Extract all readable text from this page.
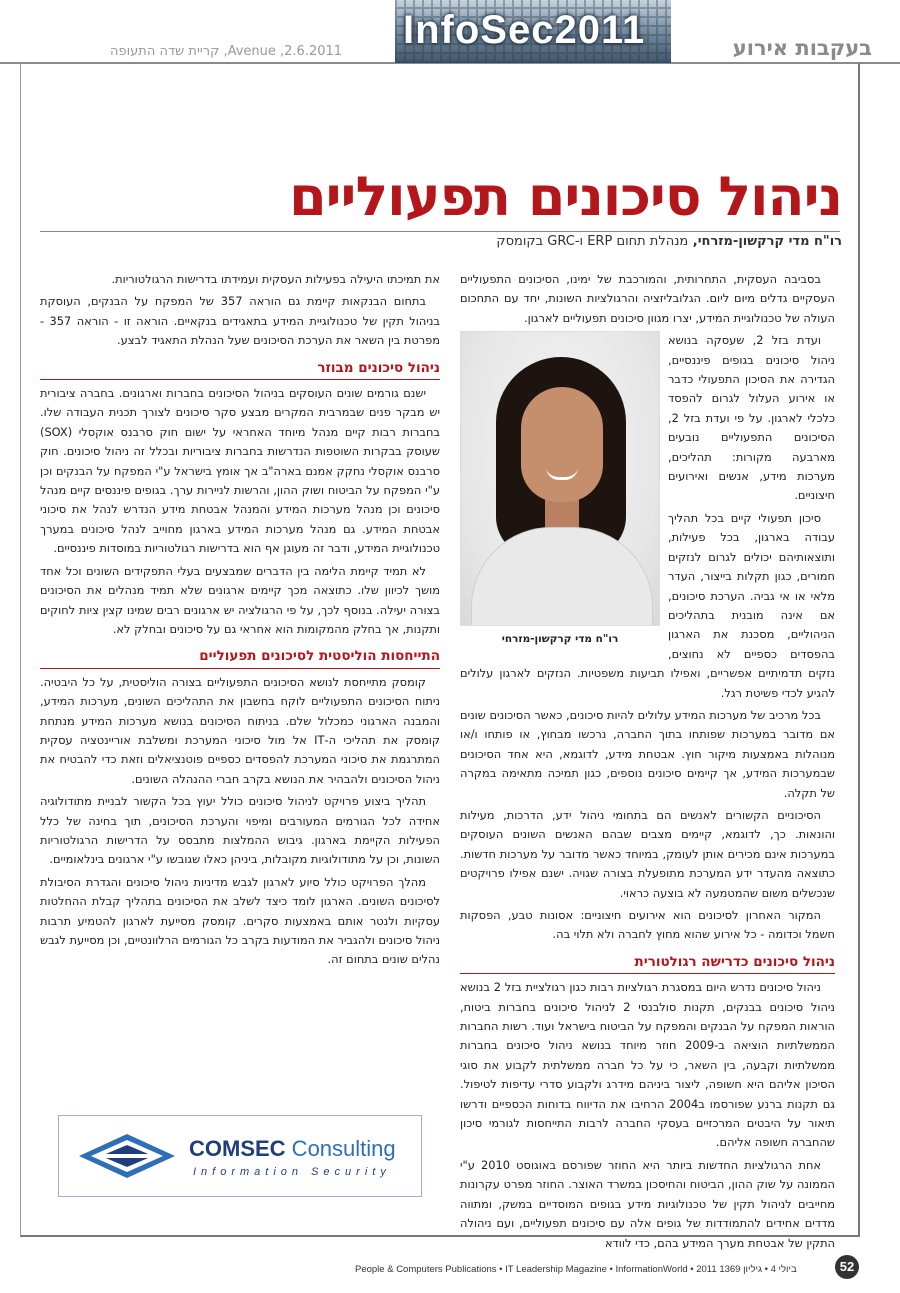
2.6.2011, Avenue, קריית שדה התעופה InfoSec2011	בעקבות אירוע
ניהול סיכונים תפעוליים
רו"ח מדי קרקשון-מזרחי, מנהלת תחום ERP ו-GRC בקומסק

בסביבה העסקית, התחרותית, והמורכבת של ימינו, הסיכונים התפעוליים העסקיים גדלים מיום ליום. הגלובליזציה והרגולציות השונות, יחד עם התחכום העולה של טכנולוגיית המידע, יצרו מגוון סיכונים תפעוליים לארגון.

רו"ח מדי קרקשון-מזרחי

ועדת בזל 2, שעסקה בנושא ניהול סיכונים בגופים פיננסיים, הגדירה את הסיכון התפעולי כדבר או אירוע העלול לגרום להפסד כלכלי לארגון. על פי ועדת בזל 2, הסיכונים התפעוליים נובעים מארבעה מקורות: תהליכים, מערכות מידע, אנשים ואירועים חיצוניים.

סיכון תפעולי קיים בכל תהליך עבודה בארגון, בכל פעילות, ותוצאותיהם יכולים לגרום לנזקים חמורים, כגון תקלות בייצור, העדר מלאי או אי גביה. הערכת סיכונים, אם אינה מובנית בתהליכים הניהוליים, מסכנת את הארגון בהפסדים כספיים לא נחוצים, נזקים תדמיתיים אפשריים, ואפילו תביעות משפטיות. הנזקים לארגון עלולים להגיע לכדי פשיטת רגל.

בכל מרכיב של מערכות המידע עלולים להיות סיכונים, כאשר הסיכונים שונים אם מדובר במערכות שפותחו בתוך החברה, נרכשו מבחוץ, או פותחו ו/או מנוהלות באמצעות מיקור חוץ. אבטחת מידע, לדוגמא, היא אחד הסיכונים שבמערכות המידע, אך קיימים סיכונים נוספים, כגון תמיכה מתאימה במקרה של תקלה.

הסיכוניים הקשורים לאנשים הם בתחומי ניהול ידע, הדרכות, מעילות והונאות. כך, לדוגמא, קיימים מצבים שבהם האנשים השונים העוסקים במערכות אינם מכירים אותן לעומק, במיוחד כאשר מדובר על מערכות חדשות. כתוצאה מהעדר ידע המערכת מתופעלת בצורה שגויה. ישנם אפילו פרויקטים שנכשלים משום שהמטמעה לא בוצעה כראוי.

המקור האחרון לסיכונים הוא אירועים חיצוניים: אסונות טבע, הפסקות חשמל וכדומה - כל אירוע שהוא מחוץ לחברה ולא תלוי בה.

ניהול סיכונים כדרישה רגולטורית

ניהול סיכונים נדרש היום במסגרת רגולציות רבות כגון רגולציית בזל 2 בנושא ניהול סיכונים בבנקים, תקנות סולבנסי 2 לניהול סיכונים בחברות ביטוח, הוראות המפקח על הבנקים והמפקח על הביטוח בישראל ועוד. רשות החברות הממשלתיות הוציאה ב-2009 חוזר מיוחד בנושא ניהול סיכונים בחברות ממשלתיות וקבעה, בין השאר, כי על כל חברה ממשלתית לקבוע את סוגי הסיכון אליהם היא חשופה, ליצור ביניהם מידרג ולקבוע סדרי עדיפות לטיפול. גם תקנות ברנע שפורסמו ב2004 הרחיבו את הדיווח בדוחות הכספיים ודרשו תיאור על היבטים המרכזיים בעסקי החברה לרבות התייחסות לגורמי סיכון שהחברה חשופה אליהם.

אחת הרגולציות החדשות ביותר היא החוזר שפורסם באוגוסט 2010 ע"י הממונה על שוק ההון, הביטוח והחיסכון במשרד האוצר. החוזר מפרט עקרונות מחייבים לניהול תקין של טכנולוגיות מידע בגופים המוסדיים במשק, ומתווה מדדים אחידים להתמודדות של גופים אלה עם סיכונים תפעוליים, ועם ניהולה התקין של אבטחת מערך המידע בהם, כדי לוודא

את תמיכתו היעילה בפעילות העסקית ועמידתו בדרישות הרגולטוריות.

בתחום הבנקאות קיימת גם הוראה 357 של המפקח על הבנקים, העוסקת בניהול תקין של טכנולוגיית המידע בתאגידים בנקאיים. הוראה זו - הוראה 357 - מפרטת בין השאר את הערכת הסיכונים שעל הנהלת התאגיד לבצע.

ניהול סיכונים מבוזר

ישנם גורמים שונים העוסקים בניהול הסיכונים בחברות וארגונים. בחברה ציבורית יש מבקר פנים שבמרבית המקרים מבצע סקר סיכונים לצורך תכנית העבודה שלו. בחברות רבות קיים מנהל מיוחד האחראי על ישום חוק סרבנס אוקסלי (SOX) שעוסק בבקרות השוטפות הנדרשות בחברות ציבוריות ובכלל זה ניהול סיכונים. חוק סרבנס אוקסלי נחקק אמנם בארה"ב אך אומץ בישראל ע"י המפקח על הבנקים וכן ע"י המפקח על הביטוח ושוק ההון, והרשות לניירות ערך. בגופים פיננסים קיים מנהל סיכונים וכן מנהל מערכות המידע והמנהל אבטחת מידע הנדרש לנהל את סיכוני אבטחת המידע. גם מנהל מערכות המידע בארגון מחוייב לנהל סיכונים במערך טכנולוגיית המידע, ודבר זה מעוגן אף הוא בדרישות רגולטוריות במוסדות פיננסיים.

לא תמיד קיימת הלימה בין הדברים שמבצעים בעלי התפקידים השונים וכל אחד מושך לכיוון שלו. כתוצאה מכך קיימים ארגונים שלא תמיד מנהלים את הסיכונים בצורה יעילה. בנוסף לכך, על פי הרגולציה יש ארגונים רבים שמינו קצין ציות לחוקים ותקנות, אך בחלק מהמקומות הוא אחראי גם על סיכונים ובחלק לא.

התייחסות הוליסטית לסיכונים תפעוליים

קומסק מתייחסת לנושא הסיכונים התפעוליים בצורה הוליסטית, על כל היבטיה. ניתוח הסיכונים התפעוליים לוקח בחשבון את התהליכים השונים, מערכות המידע, והמבנה הארגוני כמכלול שלם. בניתוח הסיכונים בנושא מערכות המידע מנתחת קומסק את תהליכי ה-IT אל מול סיכוני המערכת ומשלבת אוריינטציה עסקית המתרגמת את סיכוני המערכת להפסדים כספיים פוטנציאלים וזאת כדי להבטיח את ניהול הסיכונים ולהבהיר את הנושא בקרב חברי ההנהלה השונים.

תהליך ביצוע פרויקט לניהול סיכונים כולל יעוץ בכל הקשור לבניית מתודולוגיה אחידה לכל הגורמים המעורבים ומיפוי והערכת הסיכונים, תוך בחינה של כלל הפעילות הקיימת בארגון. גיבוש ההמלצות מתבסס על הדרישות הרגולטוריות השונות, וכן על מתודולוגיות מקובלות, ביניהן כאלו שגובשו ע"י ארגונים בינלאומיים.

מהלך הפרויקט כולל סיוע לארגון לגבש מדיניות ניהול סיכונים והגדרת הסיבולת לסיכונים השונים. הארגון לומד כיצד לשלב את הסיכונים בתהליך קבלת ההחלטות עסקיות ולנטר אותם באמצעות סקרים. קומסק מסייעת לארגון להטמיע תרבות ניהול סיכונים ולהגביר את המודעות בקרב כל הגורמים הרלוונטיים, וכן מסייעת לגבש נהלים שונים בתחום זה.

COMSEC Consulting
Information Security
People & Computers Publications • IT Leadership Magazine • InformationWorld • 2011 ביולי 4 • גיליון 1369	52
